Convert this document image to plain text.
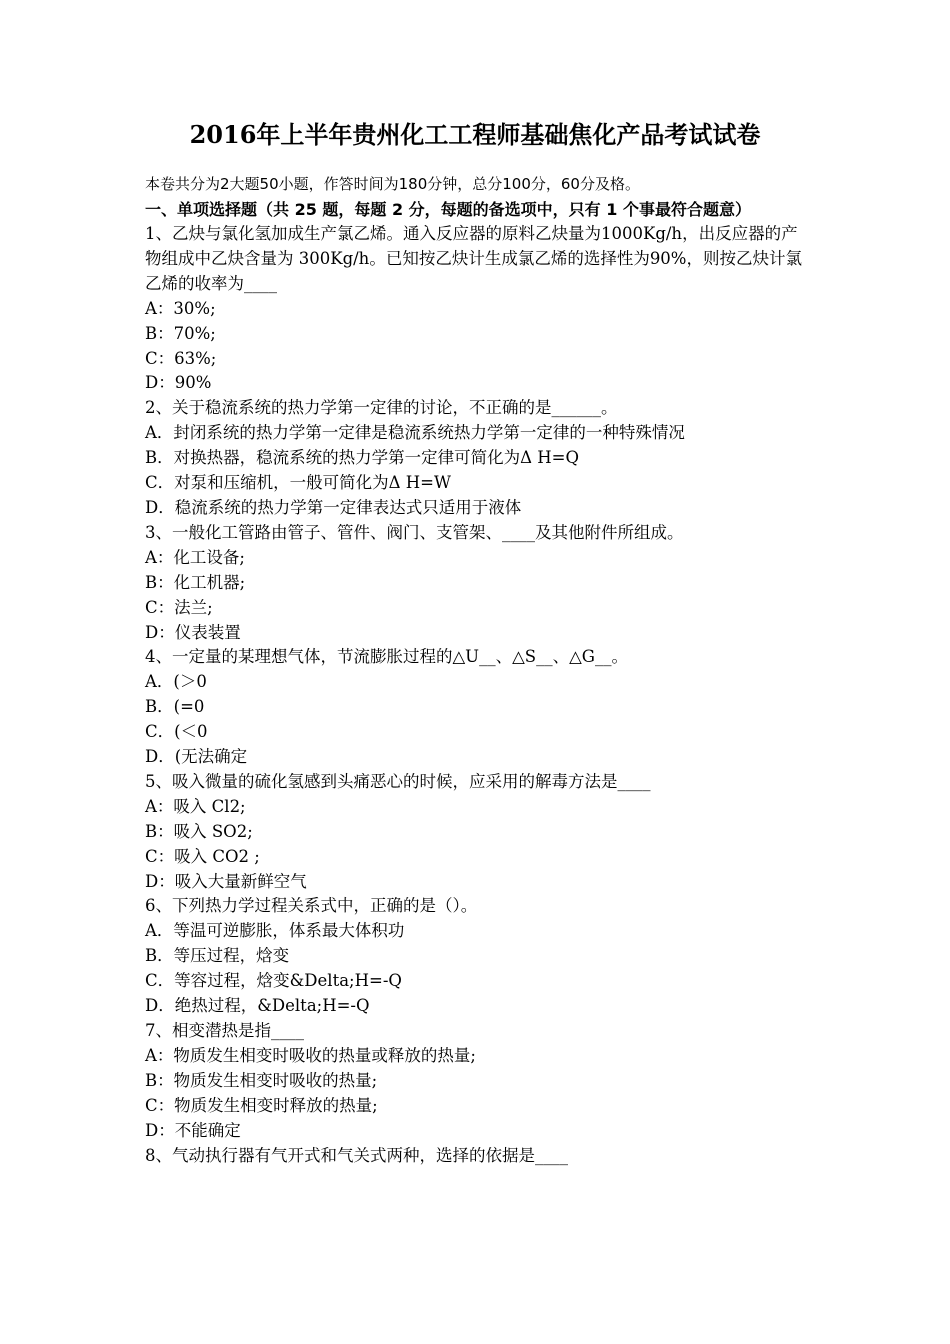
2016年上半年贵州化工工程师基础焦化产品考试试卷
本卷共分为2大题50小题，作答时间为180分钟，总分100分，60分及格。
一、单项选择题（共 25 题，每题 2 分，每题的备选项中，只有 1 个事最符合题意）
1、乙炔与氯化氢加成生产氯乙烯。通入反应器的原料乙炔量为1000Kg/h，出反应器的产物组成中乙炔含量为 300Kg/h。已知按乙炔计生成氯乙烯的选择性为90%，则按乙炔计氯乙烯的收率为____
A：30%;
B：70%;
C：63%;
D：90%
2、关于稳流系统的热力学第一定律的讨论，不正确的是______。
A．封闭系统的热力学第一定律是稳流系统热力学第一定律的一种特殊情况
B．对换热器，稳流系统的热力学第一定律可简化为Δ H=Q
C．对泵和压缩机，一般可简化为Δ H=W
D．稳流系统的热力学第一定律表达式只适用于液体
3、一般化工管路由管子、管件、阀门、支管架、____及其他附件所组成。
A：化工设备;
B：化工机器;
C：法兰;
D：仪表装置
4、一定量的某理想气体，节流膨胀过程的△U__、△S__、△G__。
A．(＞0
B．(=0
C．(＜0
D．(无法确定
5、吸入微量的硫化氢感到头痛恶心的时候，应采用的解毒方法是____
A：吸入 Cl2;
B：吸入 SO2;
C：吸入 CO2 ;
D：吸入大量新鲜空气
6、下列热力学过程关系式中，正确的是（）。
A．等温可逆膨胀，体系最大体积功
B．等压过程，焓变
C．等容过程，焓变&Delta;H=-Q
D．绝热过程，&Delta;H=-Q
7、相变潜热是指____
A：物质发生相变时吸收的热量或释放的热量;
B：物质发生相变时吸收的热量;
C：物质发生相变时释放的热量;
D：不能确定
8、气动执行器有气开式和气关式两种，选择的依据是____
